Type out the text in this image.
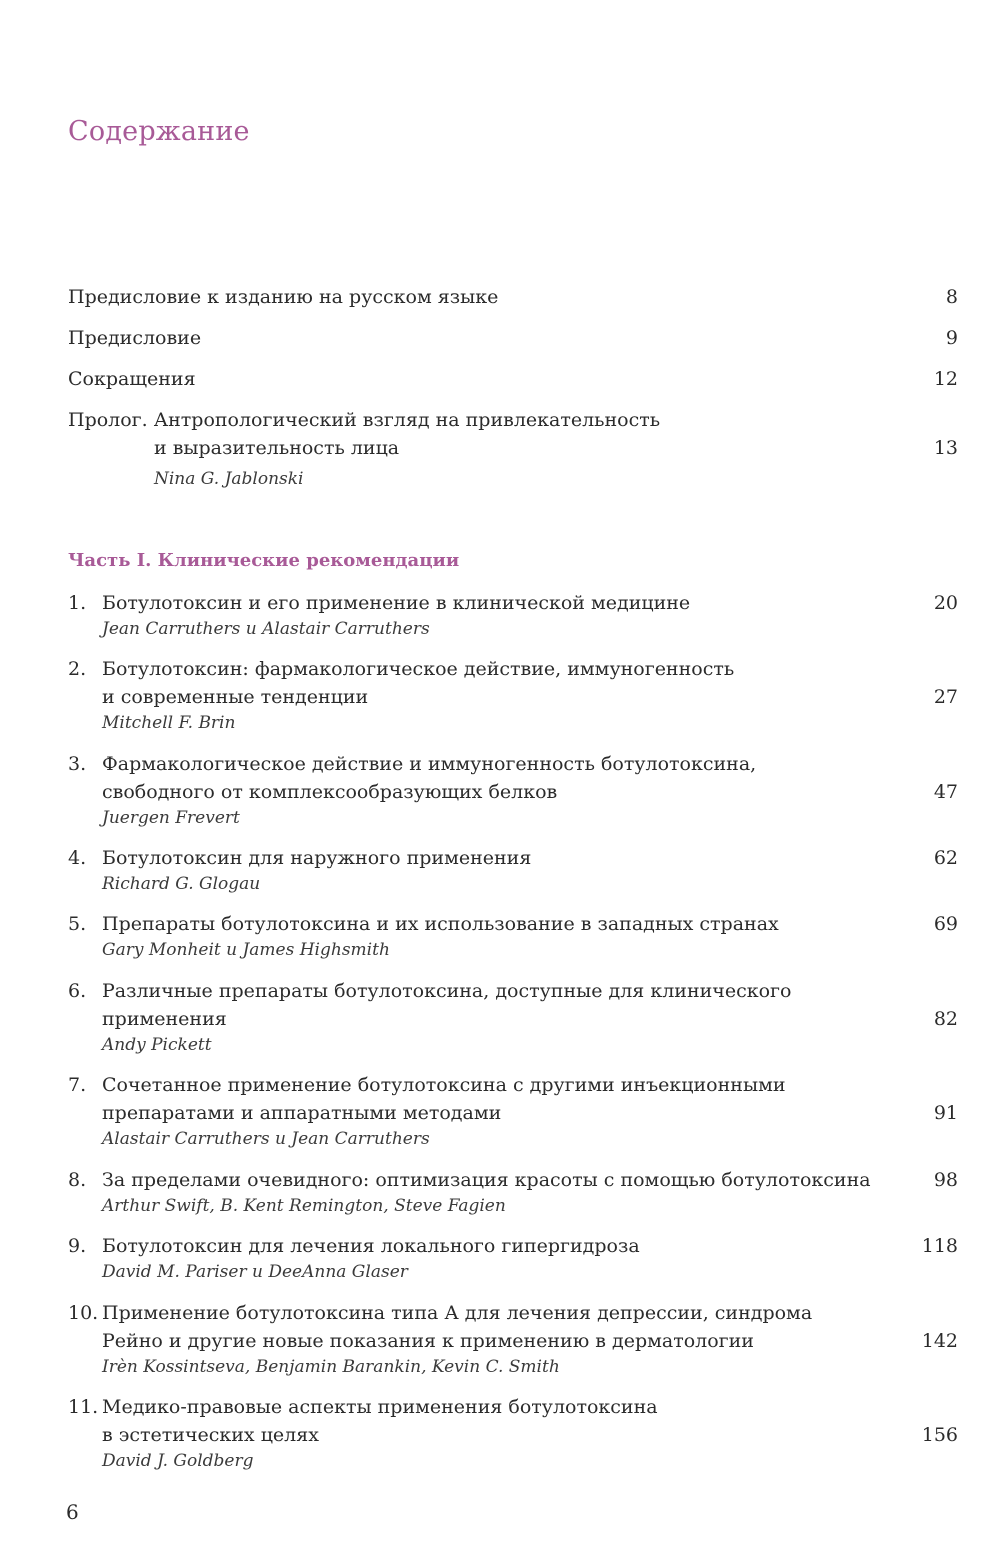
Содержание
Предисловие к изданию на русском языке	8
Предисловие	9
Сокращения	12
Пролог. Антропологический взгляд на привлекательность
и выразительность лица	13
Nina G. Jablonski
Часть I. Клинические рекомендации
1. Ботулотоксин и его применение в клинической медицине	20
Jean Carruthers и Alastair Carruthers
2. Ботулотоксин: фармакологическое действие, иммуногенность
и современные тенденции	27
Mitchell F. Brin
3. Фармакологическое действие и иммуногенность ботулотоксина,
свободного от комплексообразующих белков	47
Juergen Frevert
4. Ботулотоксин для наружного применения	62
Richard G. Glogau
5. Препараты ботулотоксина и их использование в западных странах	69
Gary Monheit и James Highsmith
6. Различные препараты ботулотоксина, доступные для клинического
применения	82
Andy Pickett
7. Сочетанное применение ботулотоксина с другими инъекционными
препаратами и аппаратными методами	91
Alastair Carruthers и Jean Carruthers
8. За пределами очевидного: оптимизация красоты с помощью ботулотоксина	98
Arthur Swift, B. Kent Remington, Steve Fagien
9. Ботулотоксин для лечения локального гипергидроза	118
David M. Pariser и DeeAnna Glaser
10. Применение ботулотоксина типа А для лечения депрессии, синдрома
Рейно и другие новые показания к применению в дерматологии	142
Irèn Kossintseva, Benjamin Barankin, Kevin C. Smith
11. Медико-правовые аспекты применения ботулотоксина
в эстетических целях	156
David J. Goldberg
6
